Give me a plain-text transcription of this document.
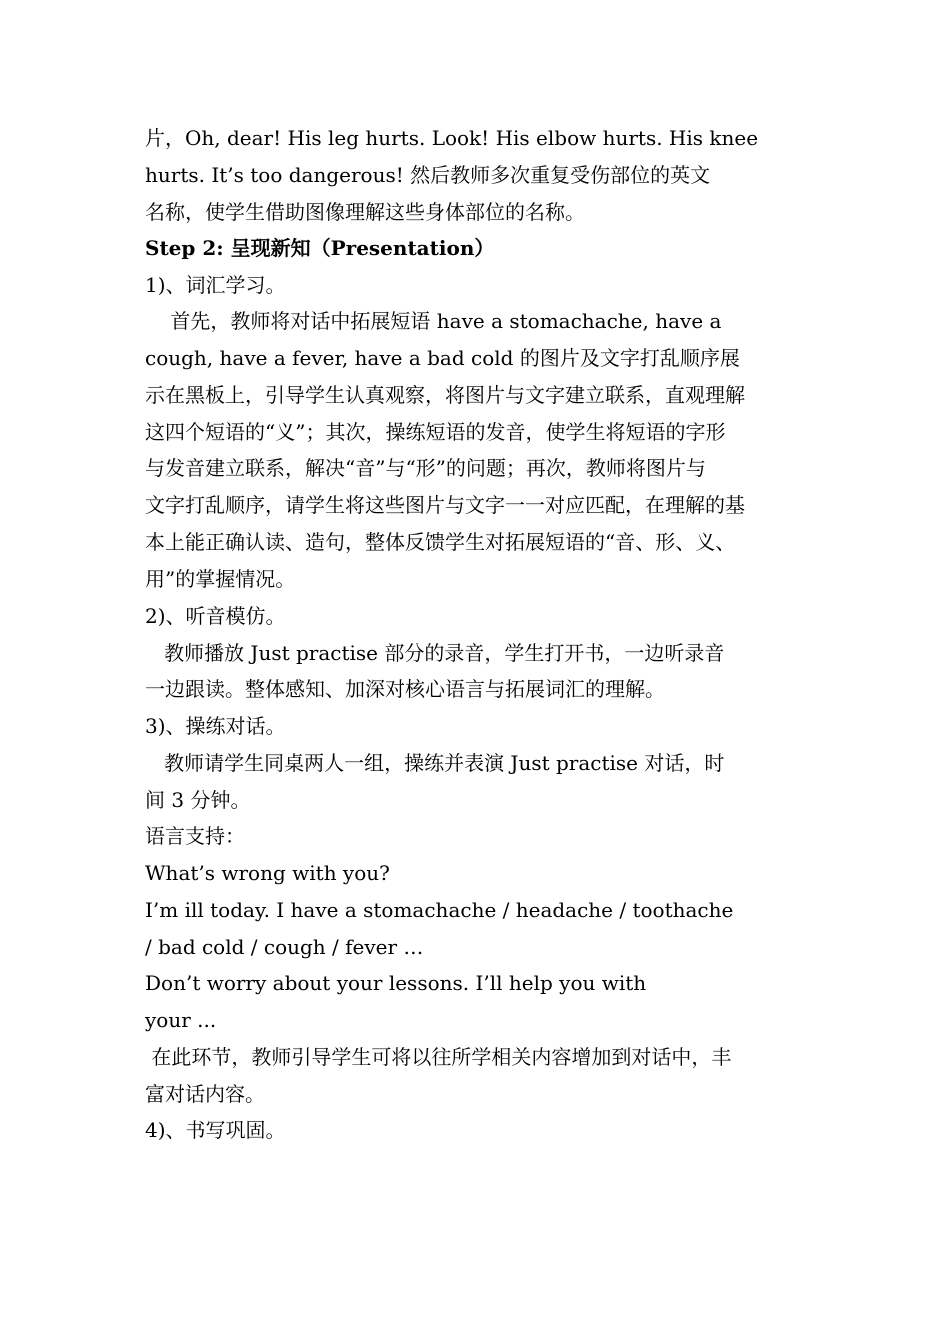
片，Oh, dear! His leg hurts. Look! His elbow hurts. His knee
hurts. It’s too dangerous! 然后教师多次重复受伤部位的英文
名称，使学生借助图像理解这些身体部位的名称。
Step 2: 呈现新知（Presentation）
1)、词汇学习。
首先，教师将对话中拓展短语 have a stomachache, have a
cough, have a fever, have a bad cold 的图片及文字打乱顺序展
示在黑板上，引导学生认真观察，将图片与文字建立联系，直观理解
这四个短语的“义”；其次，操练短语的发音，使学生将短语的字形
与发音建立联系，解决“音”与“形”的问题；再次，教师将图片与
文字打乱顺序，请学生将这些图片与文字一一对应匹配，在理解的基
本上能正确认读、造句，整体反馈学生对拓展短语的“音、形、义、
用”的掌握情况。
2)、听音模仿。
教师播放 Just practise 部分的录音，学生打开书，一边听录音
一边跟读。整体感知、加深对核心语言与拓展词汇的理解。
3)、操练对话。
教师请学生同桌两人一组，操练并表演 Just practise 对话，时
间 3 分钟。
语言支持：
What’s wrong with you?
I’m ill today. I have a stomachache / headache / toothache
/ bad cold / cough / fever …
Don’t worry about your lessons. I’ll help you with
your ...
在此环节，教师引导学生可将以往所学相关内容增加到对话中，丰
富对话内容。
4)、书写巩固。
